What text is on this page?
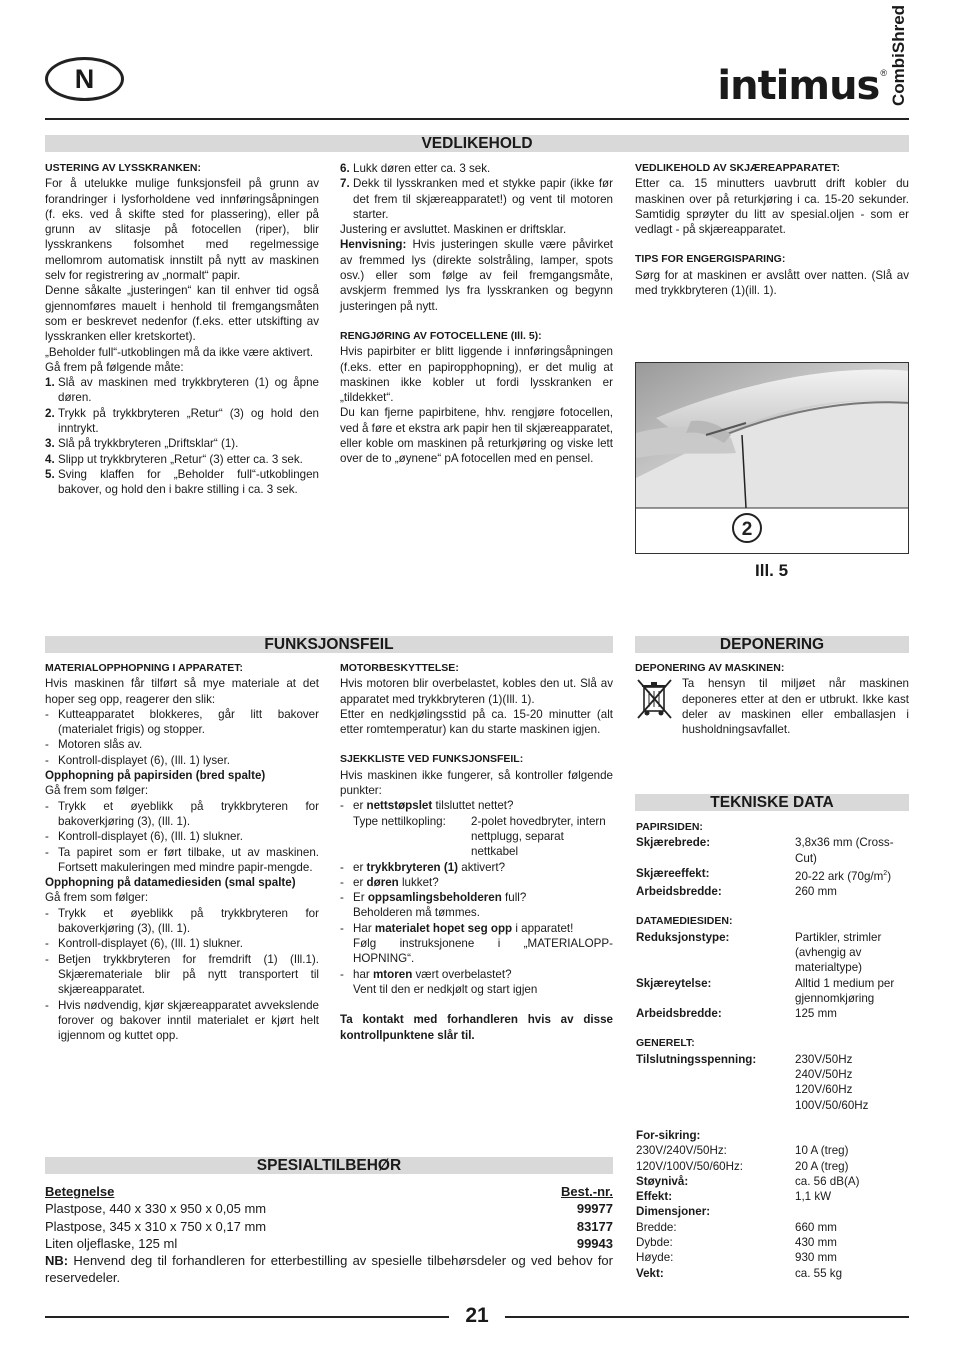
N	intimus ® CombiShred
VEDLIKEHOLD

USTERING AV LYSSKRANKEN:

For å utelukke mulige funksjonsfeil på grunn av forandringer i lysforholdene ved innføringsåpningen (f. eks. ved å skifte sted for plassering), eller på grunn av slitasje på fotocellen (riper), blir lysskrankens folsomhet med regelmessige mellomrom automatisk innstilt på nytt av maskinen selv for registrering av „normalt“ papir.

Denne såkalte „justeringen“ kan til enhver tid også gjennomføres mauelt i henhold til fremgangsmåten som er beskrevet nedenfor (f.eks. etter utskifting av lysskranken eller kretskortet).

„Beholder full“-utkoblingen må da ikke være aktivert.

Gå frem på følgende måte:

1. Slå av maskinen med trykkbryteren (1) og åpne døren.
2. Trykk på trykkbryteren „Retur“ (3) og hold den inntrykt.
3. Slå på trykkbryteren „Driftsklar“ (1).
4. Slipp ut trykkbryteren „Retur“ (3) etter ca. 3 sek.
5. Sving klaffen for „Beholder full“-utkoblingen bakover, og hold den i bakre stilling i ca. 3 sek.
6. Lukk døren etter ca. 3 sek.
7. Dekk til lysskranken med et stykke papir (ikke før det frem til skjæreapparatet!) og vent til motoren starter.

Justering er avsluttet. Maskinen er driftsklar.

Henvisning: Hvis justeringen skulle være påvirket av fremmed lys (direkte solstråling, lamper, spots osv.) eller som følge av feil fremgangsmåte, avskjerm fremmed lys fra lysskranken og begynn justeringen på nytt.

RENGJØRING AV FOTOCELLENE (Ill. 5):

Hvis papirbiter er blitt liggende i innføringsåpningen (f.eks. etter en papiropphopning), er det mulig at maskinen ikke kobler ut fordi lysskranken er „tildekket“.

Du kan fjerne papirbitene, hhv. rengjøre fotocellen, ved å føre et ekstra ark papir hen til skjæreapparatet, eller koble om maskinen på returkjøring og viske lett over de to „øynene“ pA fotocellen med en pensel.

VEDLIKEHOLD AV SKJÆREAPPARATET:

Etter ca. 15 minutters uavbrutt drift kobler du maskinen over på returkjøring i ca. 15-20 sekunder. Samtidig sprøyter du litt av spesial.oljen - som er vedlagt - på skjæreapparatet.

TIPS FOR ENGERGISPARING:

Sørg for at maskinen er avslått over natten. (Slå av med trykkbryteren (1)(ill. 1).

2
Ill. 5
FUNKSJONSFEIL

MATERIALOPPHOPNING I APPARATET:

Hvis maskinen får tilført så mye materiale at det hoper seg opp, reagerer den slik:

- Kutteapparatet blokkeres, går litt bakover (materialet frigis) og stopper.
- Motoren slås av.
- Kontroll-displayet (6), (Ill. 1) lyser.

Opphopning på papirsiden (bred spalte)

Gå frem som følger:

- Trykk et øyeblikk på trykkbryteren for bakoverkjøring (3), (Ill. 1).
- Kontroll-displayet (6), (Ill. 1) slukner.
- Ta papiret som er ført tilbake, ut av maskinen. Fortsett makuleringen med mindre papir-mengde.

Opphopning på datamediesiden (smal spalte)

Gå frem som følger:

- Trykk et øyeblikk på trykkbryteren for bakoverkjøring (3), (Ill. 1).
- Kontroll-displayet (6), (Ill. 1) slukner.
- Betjen trykkbryteren for fremdrift (1) (Ill.1). Skjæremateriale blir på nytt transportert til skjæreapparatet.
- Hvis nødvendig, kjør skjæreapparatet avvekslende forover og bakover inntil materialet er kjørt helt igjennom og kuttet opp.

MOTORBESKYTTELSE:

Hvis motoren blir overbelastet, kobles den ut. Slå av apparatet med trykkbryteren (1)(Ill. 1).

Etter en nedkjølingsstid på ca. 15-20 minutter (alt etter romtemperatur) kan du starte maskinen igjen.

SJEKKLISTE VED FUNKSJONSFEIL:

Hvis maskinen ikke fungerer, så kontroller følgende punkter:

- er nettstøpslet tilsluttet nettet?
Type nettilkopling:	2-polet hovedbryter, intern nettplugg, separat nettkabel
- er trykkbryteren (1) aktivert?
- er døren lukket?
- Er oppsamlingsbeholderen full?
Beholderen må tømmes.
- Har materialet hopet seg opp i apparatet!
Følg instruksjonene i „MATERIALOPP-HOPNING“.
- har mtoren vært overbelastet?
Vent til den er nedkjølt og start igjen

Ta kontakt med forhandleren hvis av disse kontrollpunktene slår til.

DEPONERING

DEPONERING AV MASKINEN:

Ta hensyn til miljøet når maskinen deponeres etter at den er utbrukt. Ikke kast deler av maskinen eller emballasjen i husholdningsavfallet.

TEKNISKE DATA

PAPIRSIDEN:

Skjærebrede:	3,8x36 mm (Cross-Cut)
Skjæreeffekt:	20-22 ark $(70g/m^2)$
Arbeidsbredde:	260 mm

DATAMEDIESIDEN:

Reduksjonstype:	Partikler, strimler (avhengig av materialtype)
Skjæreytelse:	Alltid 1 medium per gjennomkjøring
Arbeidsbredde:	125 mm

GENERELT:

Tilslutningsspenning:	230V/50Hz
240V/50Hz
120V/60Hz
100V/50/60Hz

For-sikring:

230V/240V/50Hz:	10 A (treg)
120V/100V/50/60Hz:	20 A (treg)
Støynivå:	ca. 56 dB(A)
Effekt:	1,1 kW

Dimensjoner:

Bredde:	660 mm
Dybde:	430 mm
Høyde:	930 mm
Vekt:	ca. 55 kg
SPESIALTILBEHØR
Betegnelse	Best.-nr.
Plastpose, 440 x 330 x 950 x 0,05 mm	99977
Plastpose, 345 x 310 x 750 x 0,17 mm	83177
Liten oljeflaske, 125 ml	99943

NB: Henvend deg til forhandleren for etterbestilling av spesielle tilbehørsdeler og ved behov for reservedeler.

21
